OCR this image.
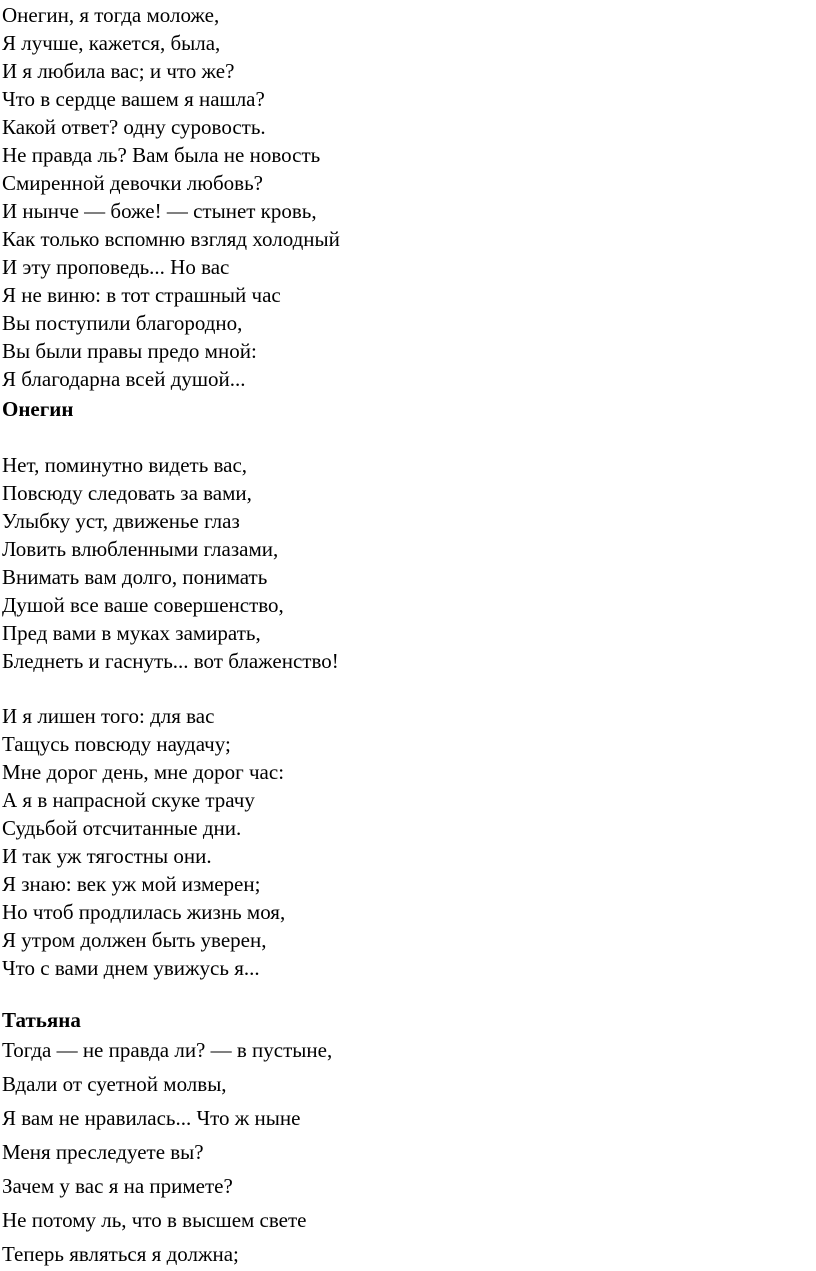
Онегин, я тогда моложе,
Я лучше, кажется, была,
И я любила вас; и что же?
Что в сердце вашем я нашла?
Какой ответ? одну суровость.
Не правда ль? Вам была не новость
Смиренной девочки любовь?
И нынче — боже! — стынет кровь,
Как только вспомню взгляд холодный
И эту проповедь... Но вас
Я не виню: в тот страшный час
Вы поступили благородно,
Вы были правы предо мной:
Я благодарна всей душой...
Онегин
Нет, поминутно видеть вас,
Повсюду следовать за вами,
Улыбку уст, движенье глаз
Ловить влюбленными глазами,
Внимать вам долго, понимать
Душой все ваше совершенство,
Пред вами в муках замирать,
Бледнеть и гаснуть... вот блаженство!
И я лишен того: для вас
Тащусь повсюду наудачу;
Мне дорог день, мне дорог час:
А я в напрасной скуке трачу
Судьбой отсчитанные дни.
И так уж тягостны они.
Я знаю: век уж мой измерен;
Но чтоб продлилась жизнь моя,
Я утром должен быть уверен,
Что с вами днем увижусь я...
Татьяна
Тогда — не правда ли? — в пустыне,
Вдали от суетной молвы,
Я вам не нравилась... Что ж ныне
Меня преследуете вы?
Зачем у вас я на примете?
Не потому ль, что в высшем свете
Теперь являться я должна;
